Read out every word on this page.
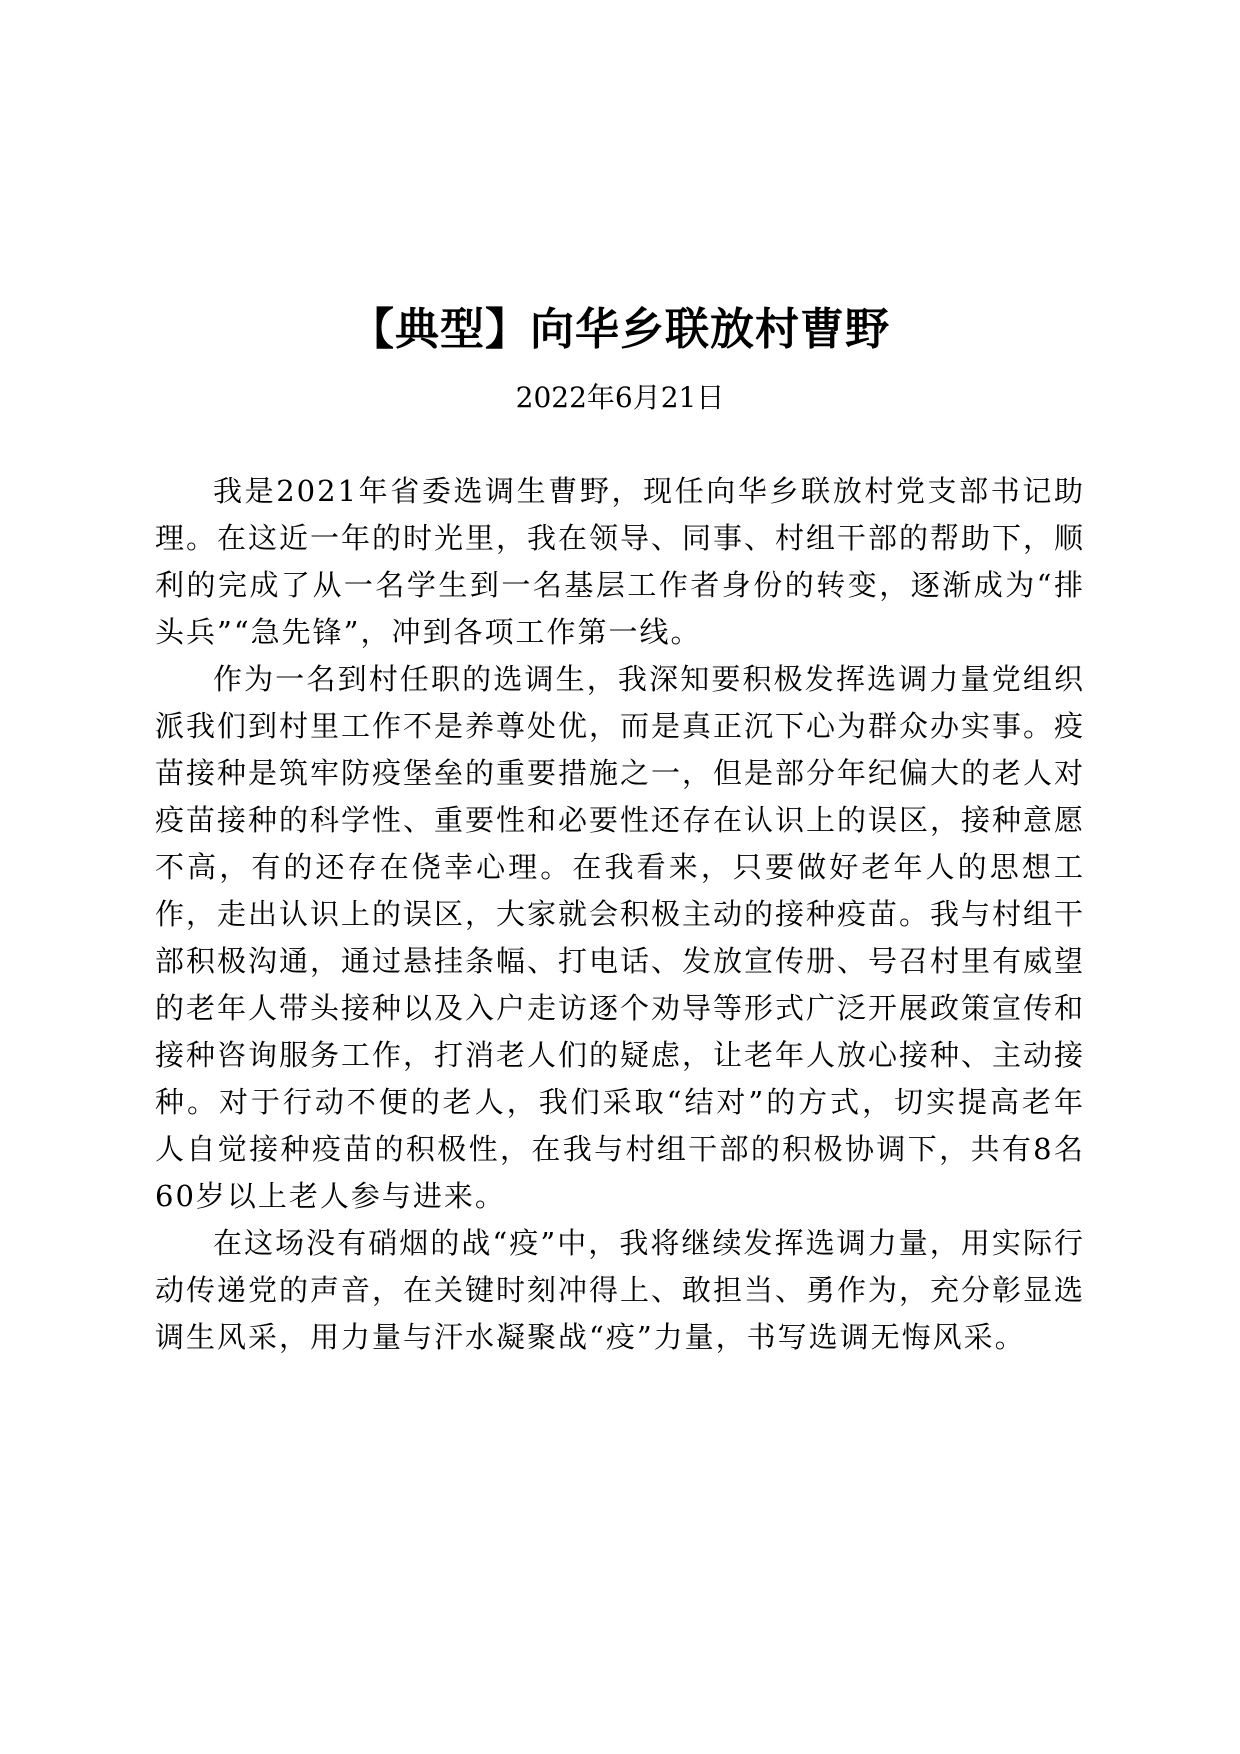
【典型】向华乡联放村曹野
2022年6月21日

我是2021年省委选调生曹野，现任向华乡联放村党支部书记助理。在这近一年的时光里，我在领导、同事、村组干部的帮助下，顺利的完成了从一名学生到一名基层工作者身份的转变，逐渐成为“排头兵”“急先锋”，冲到各项工作第一线。

作为一名到村任职的选调生，我深知要积极发挥选调力量党组织派我们到村里工作不是养尊处优，而是真正沉下心为群众办实事。疫苗接种是筑牢防疫堡垒的重要措施之一，但是部分年纪偏大的老人对疫苗接种的科学性、重要性和必要性还存在认识上的误区，接种意愿不高，有的还存在侥幸心理。在我看来，只要做好老年人的思想工作，走出认识上的误区，大家就会积极主动的接种疫苗。我与村组干部积极沟通，通过悬挂条幅、打电话、发放宣传册、号召村里有威望的老年人带头接种以及入户走访逐个劝导等形式广泛开展政策宣传和接种咨询服务工作，打消老人们的疑虑，让老年人放心接种、主动接种。对于行动不便的老人，我们采取“结对”的方式，切实提高老年人自觉接种疫苗的积极性，在我与村组干部的积极协调下，共有8名60岁以上老人参与进来。

在这场没有硝烟的战“疫”中，我将继续发挥选调力量，用实际行动传递党的声音，在关键时刻冲得上、敢担当、勇作为，充分彰显选调生风采，用力量与汗水凝聚战“疫”力量，书写选调无悔风采。
